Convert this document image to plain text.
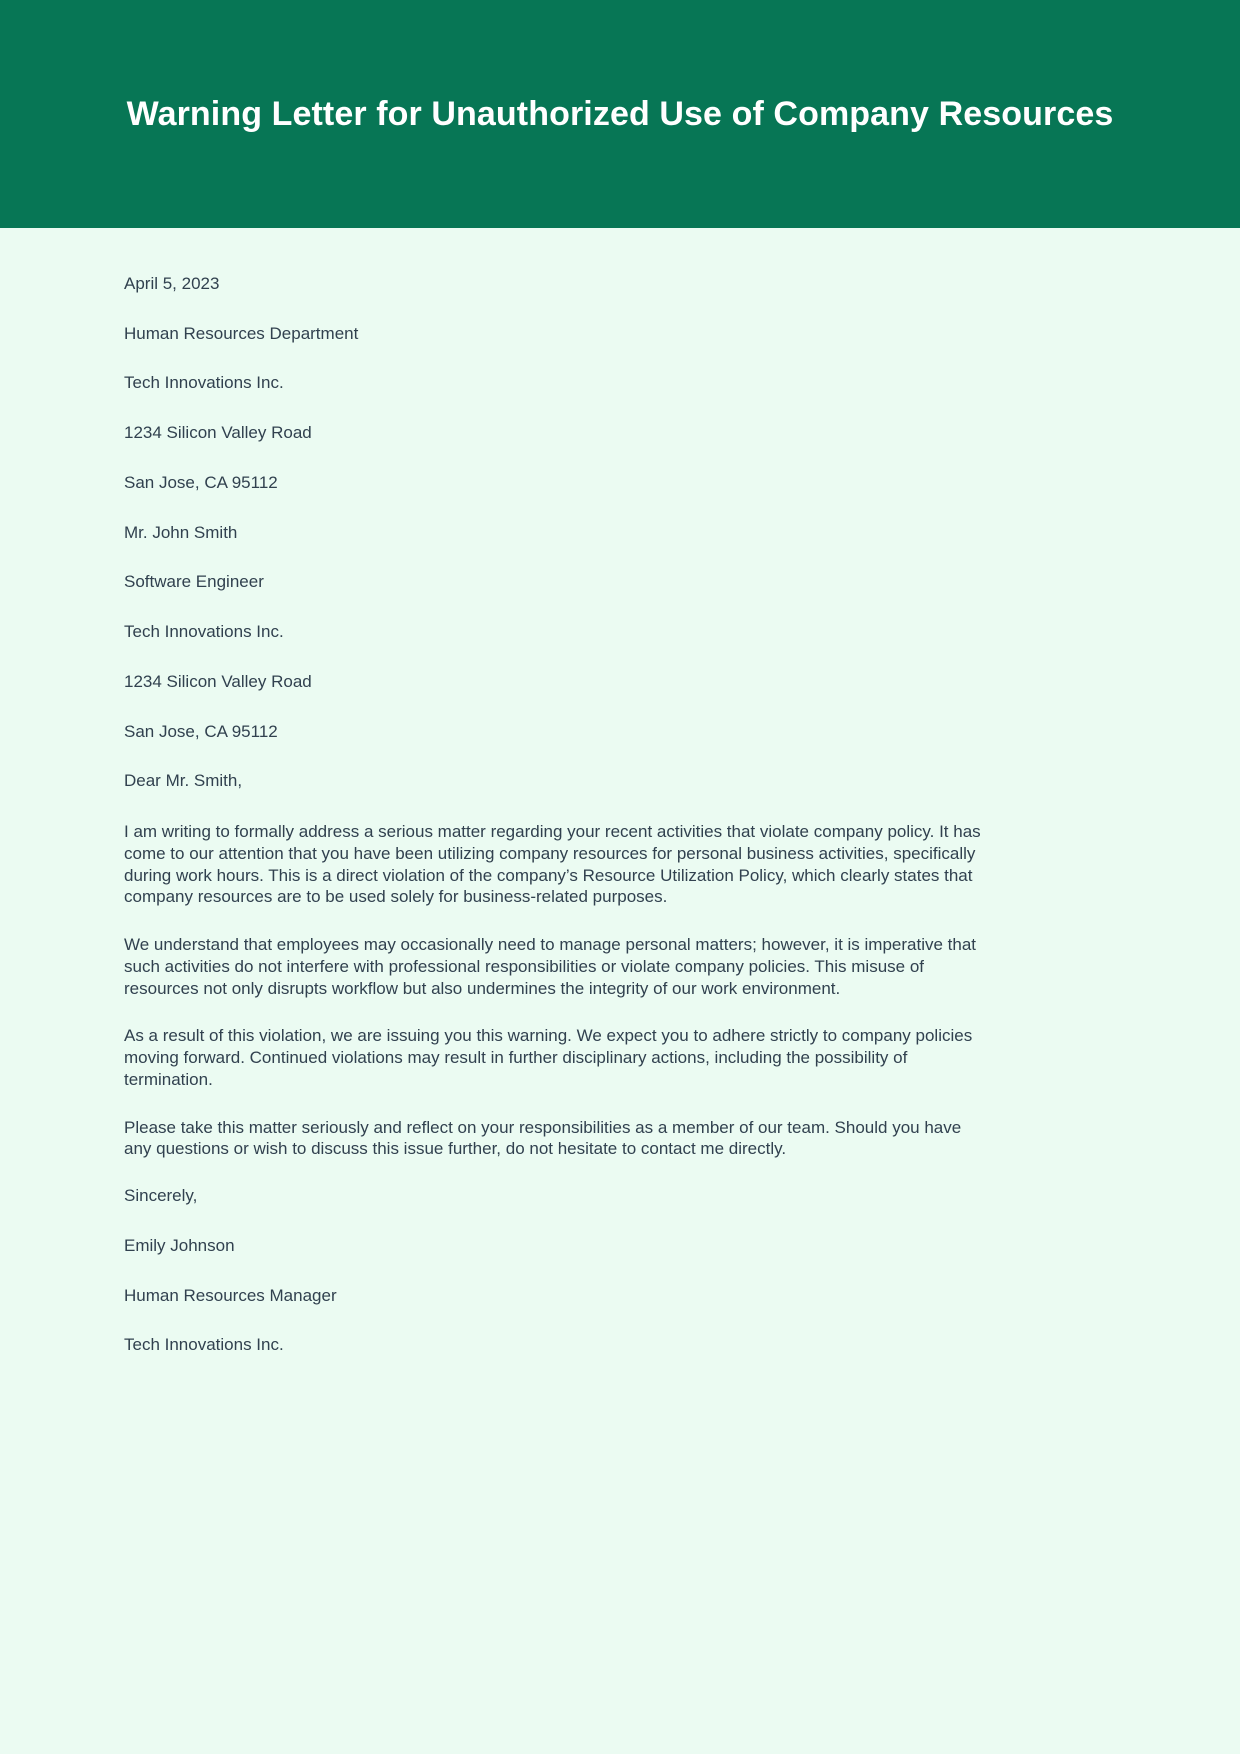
Warning Letter for Unauthorized Use of Company Resources

April 5, 2023

Human Resources Department

Tech Innovations Inc.

1234 Silicon Valley Road

San Jose, CA 95112

Mr. John Smith

Software Engineer

Tech Innovations Inc.

1234 Silicon Valley Road

San Jose, CA 95112

Dear Mr. Smith,

I am writing to formally address a serious matter regarding your recent activities that violate company policy. It has come to our attention that you have been utilizing company resources for personal business activities, specifically during work hours. This is a direct violation of the company’s Resource Utilization Policy, which clearly states that company resources are to be used solely for business-related purposes.

We understand that employees may occasionally need to manage personal matters; however, it is imperative that such activities do not interfere with professional responsibilities or violate company policies. This misuse of resources not only disrupts workflow but also undermines the integrity of our work environment.

As a result of this violation, we are issuing you this warning. We expect you to adhere strictly to company policies moving forward. Continued violations may result in further disciplinary actions, including the possibility of termination.

Please take this matter seriously and reflect on your responsibilities as a member of our team. Should you have any questions or wish to discuss this issue further, do not hesitate to contact me directly.

Sincerely,

Emily Johnson

Human Resources Manager

Tech Innovations Inc.
